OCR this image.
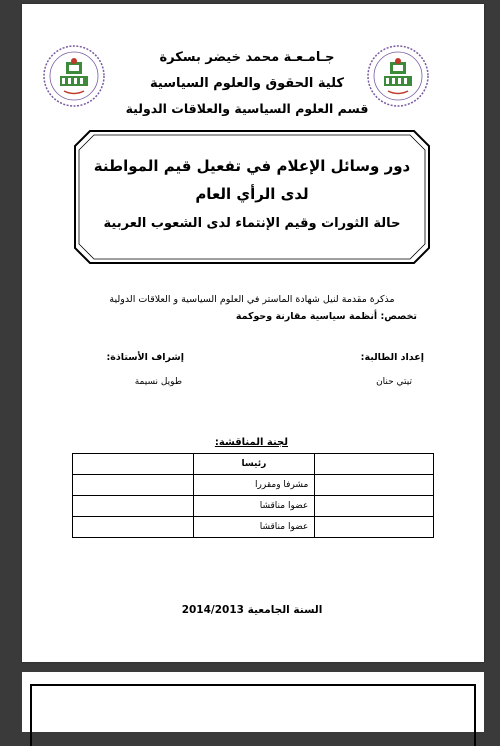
جـامـعـة محمد خيضر بسكرة
كلية الحقوق والعلوم السياسية
قسم العلوم السياسية والعلاقات الدولية
دور وسائل الإعلام في تفعيل قيم المواطنة لدى الرأي العام
حالة الثورات وقيم الإنتماء لدى الشعوب العربية
مذكرة مقدمة لنيل شهادة الماستر في العلوم السياسية و العلاقات الدولية
تخصص: أنظمة سياسية مقارنة وحوكمة
إعداد الطالبة:
تيتي حنان
إشراف الأستاذة:
طويل نسيمة
لجنة المناقشة:
	رئيسا	
	مشرفا ومقررا	
	عضوا مناقشا	
	عضوا مناقشا	
السنة الجامعية 2014/2013
